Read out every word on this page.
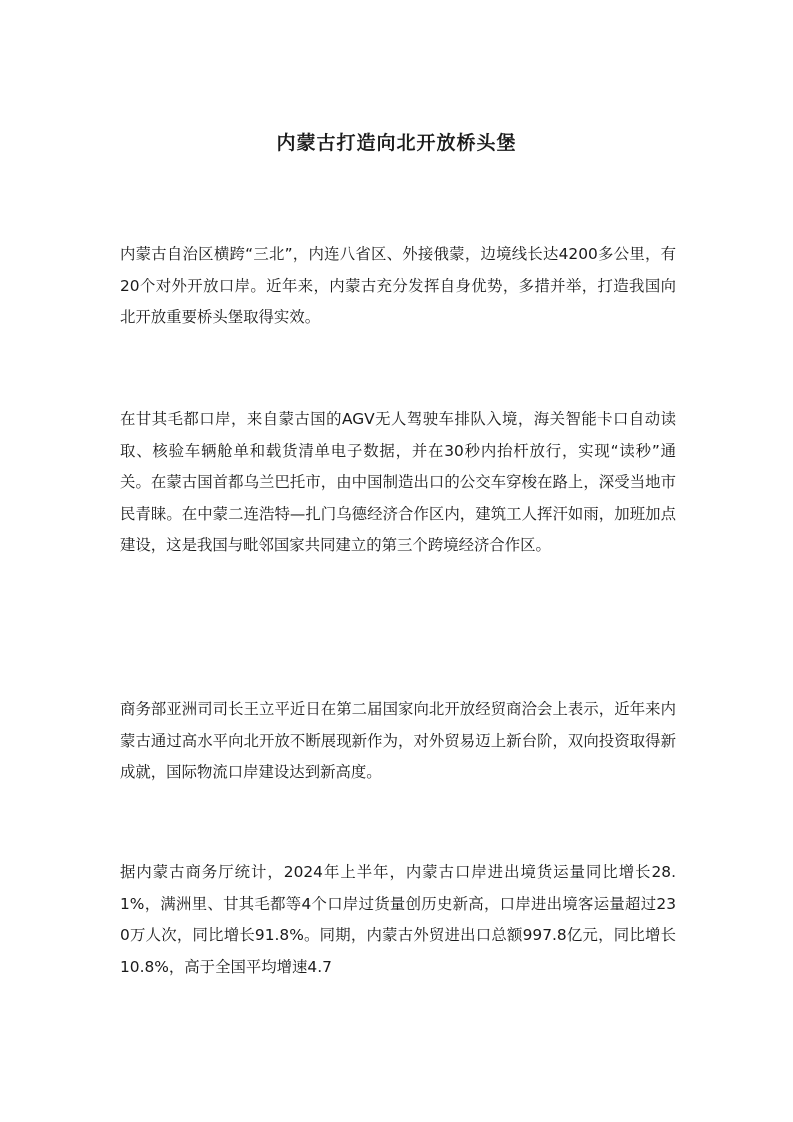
内蒙古打造向北开放桥头堡

内蒙古自治区横跨“三北”，内连八省区、外接俄蒙，边境线长达4200多公里，有20个对外开放口岸。近年来，内蒙古充分发挥自身优势，多措并举，打造我国向北开放重要桥头堡取得实效。

在甘其毛都口岸，来自蒙古国的AGV无人驾驶车排队入境，海关智能卡口自动读取、核验车辆舱单和载货清单电子数据，并在30秒内抬杆放行，实现“读秒”通关。在蒙古国首都乌兰巴托市，由中国制造出口的公交车穿梭在路上，深受当地市民青睐。在中蒙二连浩特—扎门乌德经济合作区内，建筑工人挥汗如雨，加班加点建设，这是我国与毗邻国家共同建立的第三个跨境经济合作区。

商务部亚洲司司长王立平近日在第二届国家向北开放经贸商洽会上表示，近年来内蒙古通过高水平向北开放不断展现新作为，对外贸易迈上新台阶，双向投资取得新成就，国际物流口岸建设达到新高度。

据内蒙古商务厅统计，2024年上半年，内蒙古口岸进出境货运量同比增长28.1%，满洲里、甘其毛都等4个口岸过货量创历史新高，口岸进出境客运量超过230万人次，同比增长91.8%。同期，内蒙古外贸进出口总额997.8亿元，同比增长10.8%，高于全国平均增速4.7
